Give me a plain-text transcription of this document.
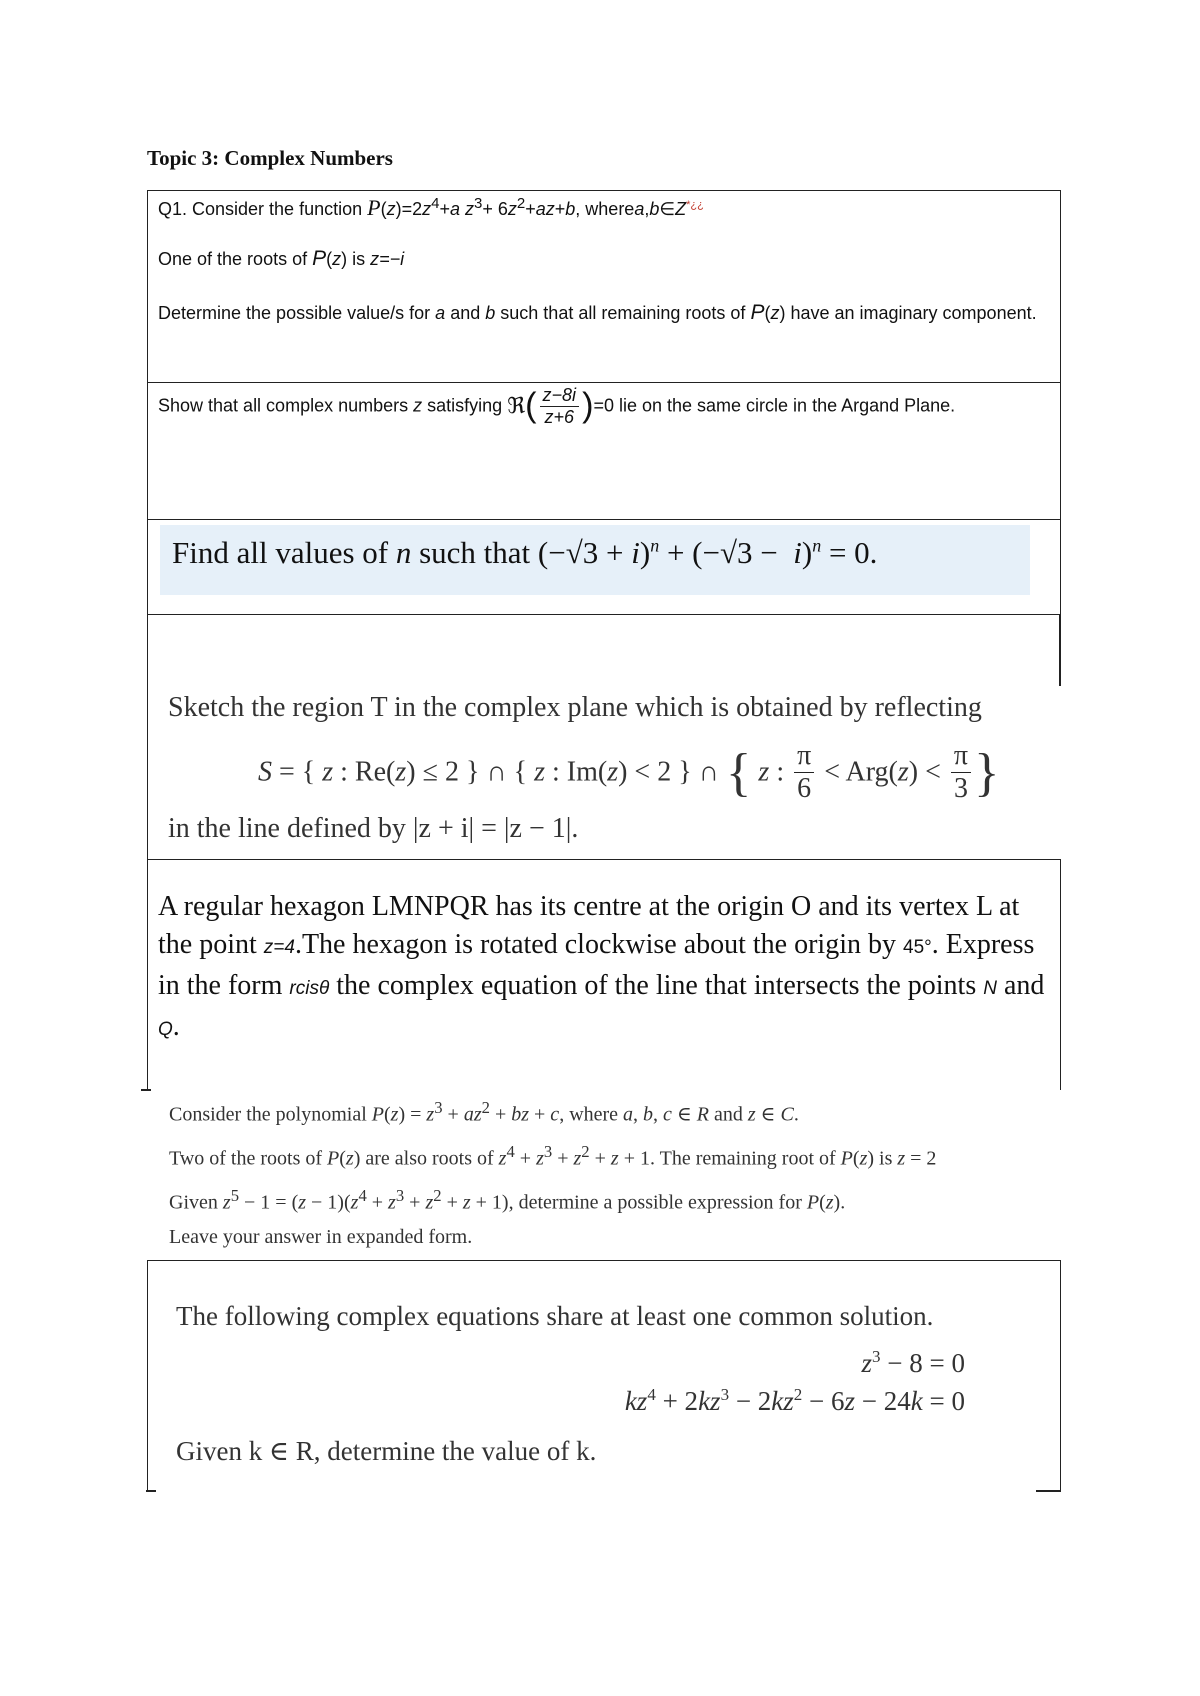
Topic 3: Complex Numbers

Q1. Consider the function $P(z)=2z^4+a$ $z^3+ 6z^2+az+b$, wherea,b∈Z*¿¿

One of the roots of P(z) is z=−i

Determine the possible value/s for a and b such that all remaining roots of P(z) have an imaginary component.

Show that all complex numbers z satisfying ℜ( $\frac{z-8i}{z+6} )=0$ lie on the same circle in the Argand Plane.
Find all values of n such that $(-√3 + i)^n + (-√3 - i)^n = 0$.
Sketch the region T in the complex plane which is obtained by reflecting
S = { z : Re(z) ≤ 2 } ∩ { z : Im(z) < 2 } ∩ { z : $\frac{\pi}{6} < Arg(z) < \frac{\pi}{3}$ }
in the line defined by |z + i| = |z − 1|.
A regular hexagon LMNPQR has its centre at the origin O and its vertex L at the point z=4.The hexagon is rotated clockwise about the origin by 45°. Express in the form rcisθ the complex equation of the line that intersects the points N and Q.
Consider the polynomial $P(z) = z^3 + az^2$ + bz + c, where a, b, c ∈ R and z ∈ C.
Two of the roots of P(z) are also roots of $z^4 + z^3 + z^2 + z + 1$. The remaining root of P(z) is z = 2
Given $z^5 - 1 = (z - 1)(z^4 + z^3 + z^2 + z + 1)$, determine a possible expression for P(z).
Leave your answer in expanded form.
The following complex equations share at least one common solution.
$z^3 - 8 = 0$
$kz^4 + 2kz^3 - 2kz^2 - 6z - 24k = 0$
Given k ∈ R, determine the value of k.
